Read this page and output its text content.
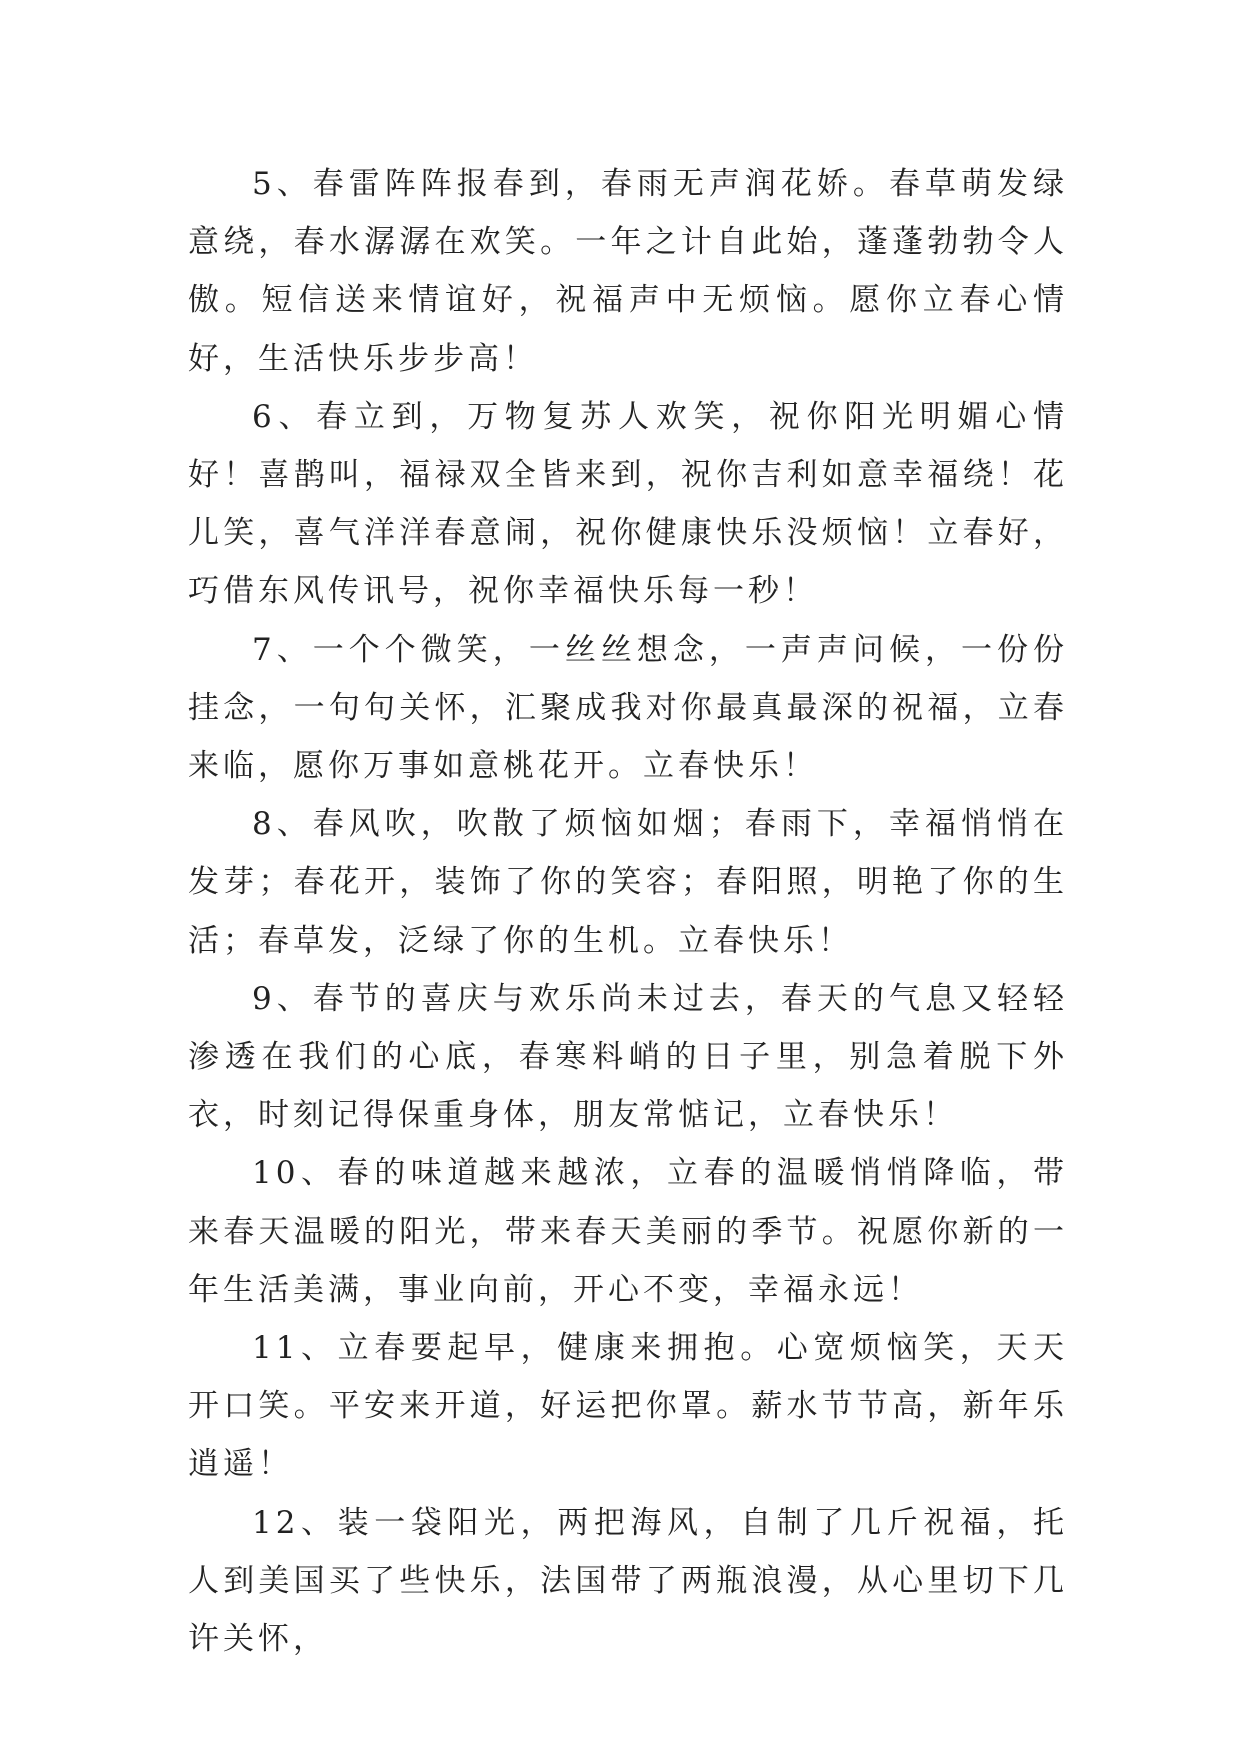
5、春雷阵阵报春到，春雨无声润花娇。春草萌发绿意绕，春水潺潺在欢笑。一年之计自此始，蓬蓬勃勃令人傲。短信送来情谊好，祝福声中无烦恼。愿你立春心情好，生活快乐步步高！

6、春立到，万物复苏人欢笑，祝你阳光明媚心情好！喜鹊叫，福禄双全皆来到，祝你吉利如意幸福绕！花儿笑，喜气洋洋春意闹，祝你健康快乐没烦恼！立春好，巧借东风传讯号，祝你幸福快乐每一秒！

7、一个个微笑，一丝丝想念，一声声问候，一份份挂念，一句句关怀，汇聚成我对你最真最深的祝福，立春来临，愿你万事如意桃花开。立春快乐！

8、春风吹，吹散了烦恼如烟；春雨下，幸福悄悄在发芽；春花开，装饰了你的笑容；春阳照，明艳了你的生活；春草发，泛绿了你的生机。立春快乐！

9、春节的喜庆与欢乐尚未过去，春天的气息又轻轻渗透在我们的心底，春寒料峭的日子里，别急着脱下外衣，时刻记得保重身体，朋友常惦记，立春快乐！

10、春的味道越来越浓，立春的温暖悄悄降临，带来春天温暖的阳光，带来春天美丽的季节。祝愿你新的一年生活美满，事业向前，开心不变，幸福永远！

11、立春要起早，健康来拥抱。心宽烦恼笑，天天开口笑。平安来开道，好运把你罩。薪水节节高，新年乐逍遥！

12、装一袋阳光，两把海风，自制了几斤祝福，托人到美国买了些快乐，法国带了两瓶浪漫，从心里切下几许关怀，
